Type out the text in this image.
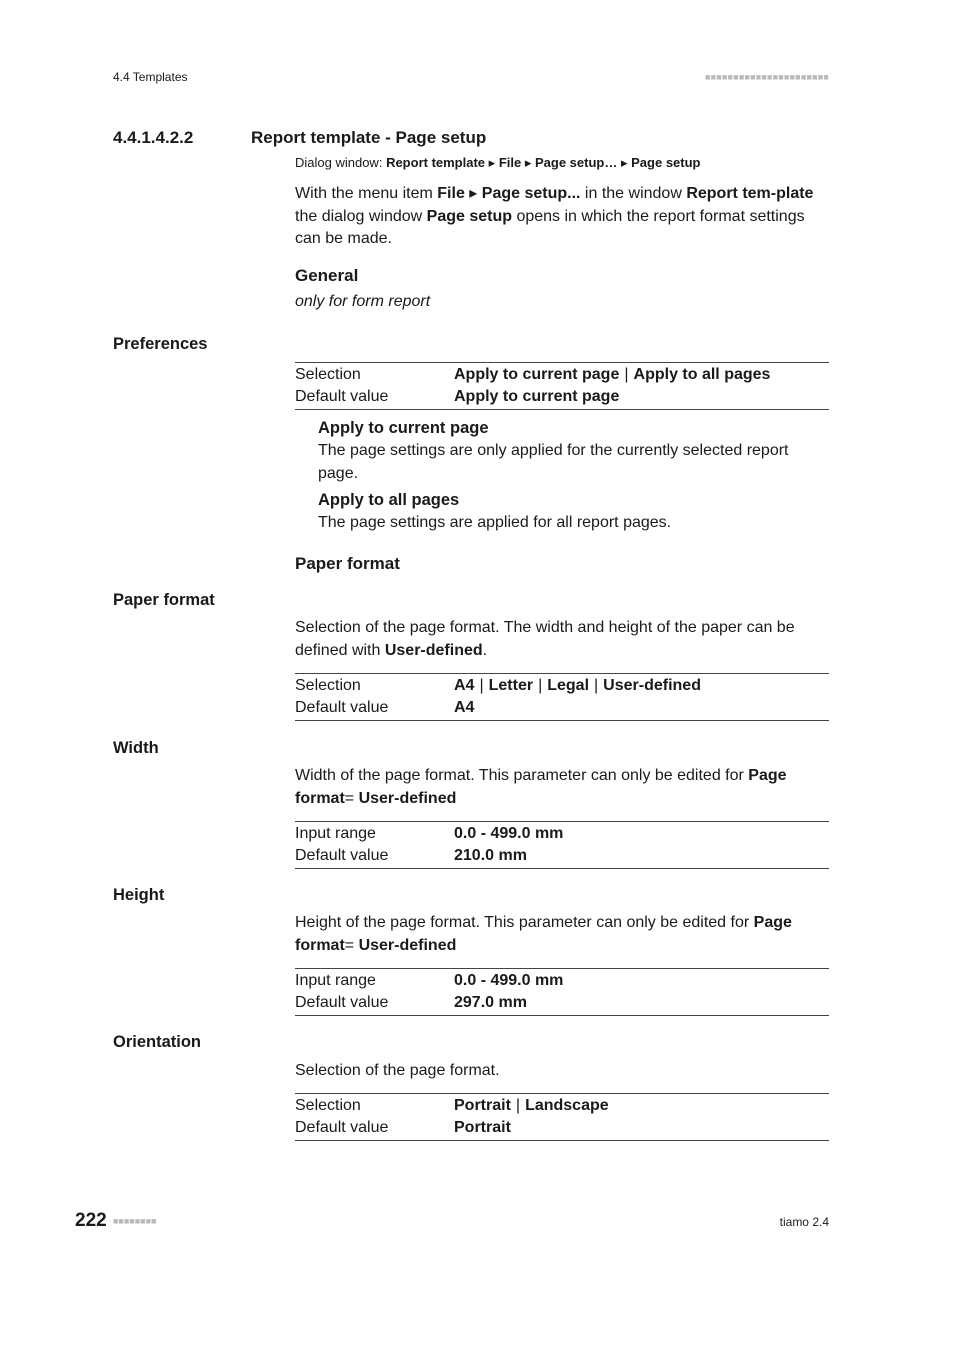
4.4 Templates	■■■■■■■■■■■■■■■■■■■■■■
4.4.1.4.2.2	Report template - Page setup
Dialog window: Report template ▸ File ▸ Page setup… ▸ Page setup
With the menu item File ▸ Page setup... in the window Report tem-plate the dialog window Page setup opens in which the report format settings can be made.
General
only for form report
Preferences
Selection	Apply to current page | Apply to all pages
Default value	Apply to current page
Apply to current page
The page settings are only applied for the currently selected report page.
Apply to all pages
The page settings are applied for all report pages.
Paper format
Paper format
Selection of the page format. The width and height of the paper can be defined with User-defined.
Selection	A4 | Letter | Legal | User-defined
Default value	A4
Width
Width of the page format. This parameter can only be edited for Page format= User-defined
Input range	0.0 - 499.0 mm
Default value	210.0 mm
Height
Height of the page format. This parameter can only be edited for Page format= User-defined
Input range	0.0 - 499.0 mm
Default value	297.0 mm
Orientation
Selection of the page format.
Selection	Portrait | Landscape
Default value	Portrait
222 ■■■■■■■■	tiamo 2.4
